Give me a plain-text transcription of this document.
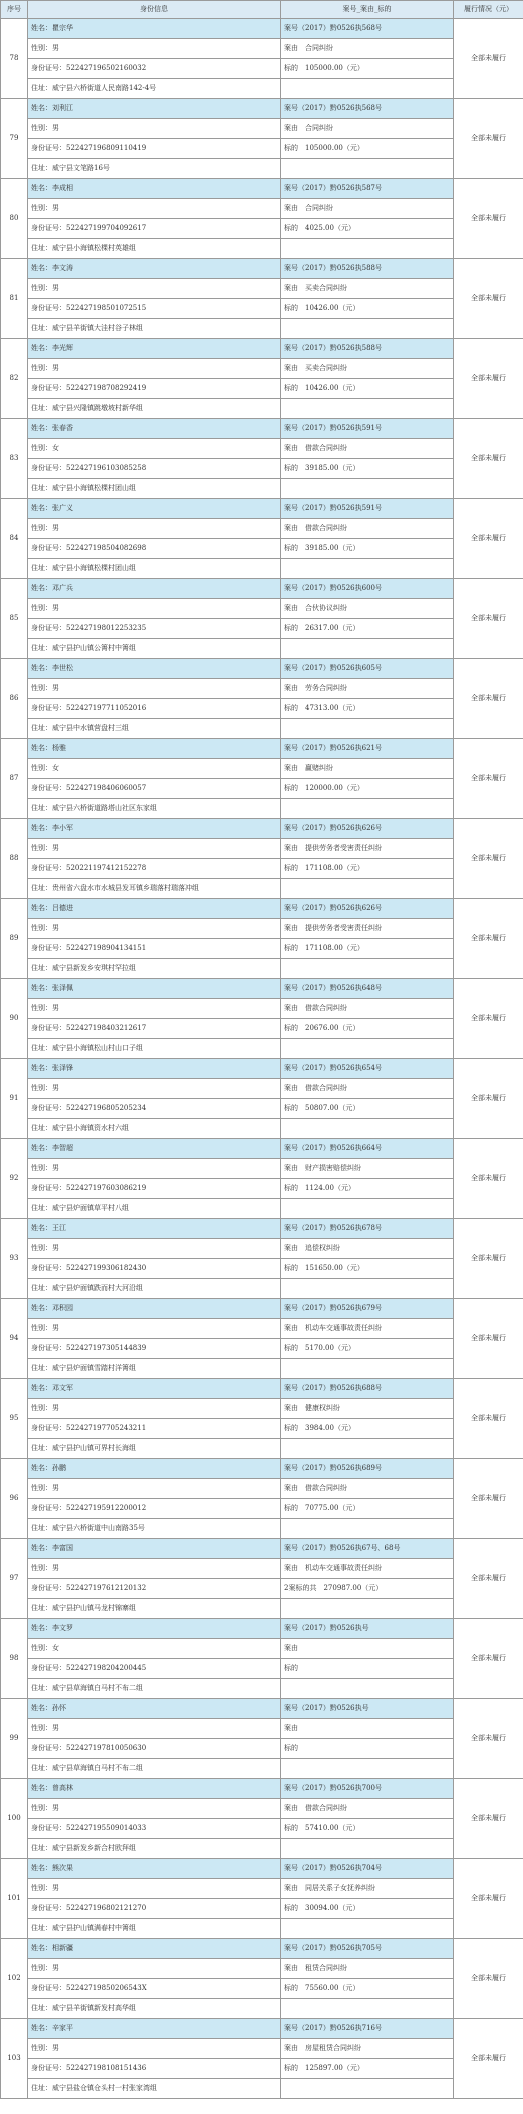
序号	身份信息	案号_案由_标的	履行情况（元）
78	姓名：瞿宗华	案号（2017）黔0526执568号	全部未履行
	性别：男	案由　合同纠纷	
	身份证号：522427196502160032	标的　105000.00（元）	
	住址：威宁县六桥街道人民南路142-4号		
79	姓名：刘利江	案号（2017）黔0526执568号	全部未履行
	性别：男	案由　合同纠纷	
	身份证号：522427196809110419	标的　105000.00（元）	
	住址：威宁县文笔路16号		
80	姓名：李成相	案号（2017）黔0526执587号	全部未履行
	性别：男	案由　合同纠纷	
	身份证号：522427199704092617	标的　4025.00（元）	
	住址：威宁县小海镇松棵村英雄组		
81	姓名：李文涛	案号（2017）黔0526执588号	全部未履行
	性别：男	案由　买卖合同纠纷	
	身份证号：522427198501072515	标的　10426.00（元）	
	住址：威宁县羊街镇大洼村谷子林组		
82	姓名：李光辉	案号（2017）黔0526执588号	全部未履行
	性别：男	案由　买卖合同纠纷	
	身份证号：522427198708292419	标的　10426.00（元）	
	住址：威宁县兴隆镇跳墩坡村新华组		
83	姓名：张春香	案号（2017）黔0526执591号	全部未履行
	性别：女	案由　借款合同纠纷	
	身份证号：522427196103085258	标的　39185.00（元）	
	住址：威宁县小海镇松棵村团山组		
84	姓名：张广义	案号（2017）黔0526执591号	全部未履行
	性别：男	案由　借款合同纠纷	
	身份证号：522427198504082698	标的　39185.00（元）	
	住址：威宁县小海镇松棵村团山组		
85	姓名：邓广兵	案号（2017）黔0526执600号	全部未履行
	性别：男	案由　合伙协议纠纷	
	身份证号：522427198012253235	标的　26317.00（元）	
	住址：威宁县护山镇公箐村中箐组		
86	姓名：李世松	案号（2017）黔0526执605号	全部未履行
	性别：男	案由　劳务合同纠纷	
	身份证号：522427197711052016	标的　47313.00（元）	
	住址：威宁县中水镇营盘村三组		
87	姓名：杨雅	案号（2017）黔0526执621号	全部未履行
	性别：女	案由　赢赌纠纷	
	身份证号：522427198406060057	标的　120000.00（元）	
	住址：威宁县六桥街道路塔山社区东家组		
88	姓名：李小军	案号（2017）黔0526执626号	全部未履行
	性别：男	案由　提供劳务者受害责任纠纷	
	身份证号：520221197412152278	标的　171108.00（元）	
	住址：贵州省六盘水市水城县发耳镇乡瑞落村瑞落冲组		
89	姓名：吕德进	案号（2017）黔0526执626号	全部未履行
	性别：男	案由　提供劳务者受害责任纠纷	
	身份证号：522427198904134151	标的　171108.00（元）	
	住址：威宁县新发乡安琪村罕拉组		
90	姓名：张泽佩	案号（2017）黔0526执648号	全部未履行
	性别：男	案由　借款合同纠纷	
	身份证号：522427198403212617	标的　20676.00（元）	
	住址：威宁县小海镇松山村山口子组		
91	姓名：张泽锋	案号（2017）黔0526执654号	全部未履行
	性别：男	案由　借款合同纠纷	
	身份证号：522427196805205234	标的　50807.00（元）	
	住址：威宁县小海镇资水村六组		
92	姓名：李智超	案号（2017）黔0526执664号	全部未履行
	性别：男	案由　财产损害赔偿纠纷	
	身份证号：522427197603086219	标的　1124.00（元）	
	住址：威宁县炉面镇草平村八组		
93	姓名：王江	案号（2017）黔0526执678号	全部未履行
	性别：男	案由　追偿权纠纷	
	身份证号：522427199306182430	标的　151650.00（元）	
	住址：威宁县炉面镇跌而村大河沿组		
94	姓名：邓积园	案号（2017）黔0526执679号	全部未履行
	性别：男	案由　机动车交通事故责任纠纷	
	身份证号：522427197305144839	标的　5170.00（元）	
	住址：威宁县炉面镇雪踏村洋箐组		
95	姓名：邓文军	案号（2017）黔0526执688号	全部未履行
	性别：男	案由　健康权纠纷	
	身份证号：522427197705243211	标的　3984.00（元）	
	住址：威宁县护山镇可界村长海组		
96	姓名：孙鹏	案号（2017）黔0526执689号	全部未履行
	性别：男	案由　借款合同纠纷	
	身份证号：522427195912200012	标的　70775.00（元）	
	住址：威宁县六桥街道中山南路35号		
97	姓名：李富国	案号（2017）黔0526执67号、68号	全部未履行
	性别：男	案由　机动车交通事故责任纠纷	
	身份证号：522427197612120132	2案标的共　270987.00（元）	
	住址：威宁县护山镇马龙村锦寨组		
98	姓名：李文罗	案号（2017）黔0526执号	全部未履行
	性别：女	案由	
	身份证号：522427198204200445	标的	
	住址：威宁县草海镇白马村不布二组		
99	姓名：孙怀	案号（2017）黔0526执号	全部未履行
	性别：男	案由	
	身份证号：522427197810050630	标的	
	住址：威宁县草海镇白马村不布二组		
100	姓名：曾高林	案号（2017）黔0526执700号	全部未履行
	性别：男	案由　借款合同纠纷	
	身份证号：522427195509014033	标的　57410.00（元）	
	住址：威宁县新发乡新合村欧拜组		
101	姓名：熊次果	案号（2017）黔0526执704号	全部未履行
	性别：男	案由　同居关系子女抚养纠纷	
	身份证号：522427196802121270	标的　30094.00（元）	
	住址：威宁县护山镇满春村中箐组		
102	姓名：相新疆	案号（2017）黔0526执705号	全部未履行
	性别：男	案由　租赁合同纠纷	
	身份证号：52242719850206543X	标的　75560.00（元）	
	住址：威宁县羊街镇新发村高华组		
103	姓名：辛家平	案号（2017）黔0526执716号	全部未履行
	性别：男	案由　房屋租赁合同纠纷	
	身份证号：522427198108151436	标的　125897.00（元）	
	住址：威宁县盐仓镇仓头村一村张家湾组		
